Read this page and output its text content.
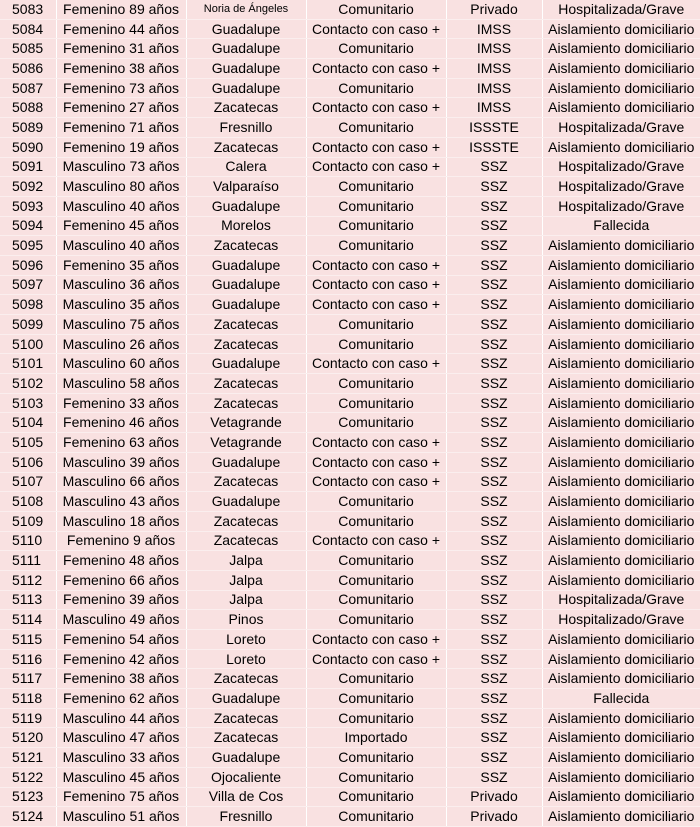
5083	Femenino 89 años	Noria de Ángeles	Comunitario	Privado	Hospitalizada/Grave
5084	Femenino 44 años	Guadalupe	Contacto con caso +	IMSS	Aislamiento domiciliario
5085	Femenino 31 años	Guadalupe	Comunitario	IMSS	Aislamiento domiciliario
5086	Femenino 38 años	Guadalupe	Contacto con caso +	IMSS	Aislamiento domiciliario
5087	Femenino 73 años	Guadalupe	Comunitario	IMSS	Aislamiento domiciliario
5088	Femenino 27 años	Zacatecas	Contacto con caso +	IMSS	Aislamiento domiciliario
5089	Femenino 71 años	Fresnillo	Comunitario	ISSSTE	Hospitalizada/Grave
5090	Femenino 19 años	Zacatecas	Contacto con caso +	ISSSTE	Aislamiento domiciliario
5091	Masculino 73 años	Calera	Contacto con caso +	SSZ	Hospitalizado/Grave
5092	Masculino 80 años	Valparaíso	Comunitario	SSZ	Hospitalizado/Grave
5093	Masculino 40 años	Guadalupe	Comunitario	SSZ	Hospitalizado/Grave
5094	Femenino 45 años	Morelos	Comunitario	SSZ	Fallecida
5095	Masculino 40 años	Zacatecas	Comunitario	SSZ	Aislamiento domiciliario
5096	Femenino 35 años	Guadalupe	Contacto con caso +	SSZ	Aislamiento domiciliario
5097	Masculino 36 años	Guadalupe	Contacto con caso +	SSZ	Aislamiento domiciliario
5098	Masculino 35 años	Guadalupe	Contacto con caso +	SSZ	Aislamiento domiciliario
5099	Masculino 75 años	Zacatecas	Comunitario	SSZ	Aislamiento domiciliario
5100	Masculino 26 años	Zacatecas	Comunitario	SSZ	Aislamiento domiciliario
5101	Masculino 60 años	Guadalupe	Contacto con caso +	SSZ	Aislamiento domiciliario
5102	Masculino 58 años	Zacatecas	Comunitario	SSZ	Aislamiento domiciliario
5103	Femenino 33 años	Zacatecas	Comunitario	SSZ	Aislamiento domiciliario
5104	Femenino 46 años	Vetagrande	Comunitario	SSZ	Aislamiento domiciliario
5105	Femenino 63 años	Vetagrande	Contacto con caso +	SSZ	Aislamiento domiciliario
5106	Masculino 39 años	Guadalupe	Contacto con caso +	SSZ	Aislamiento domiciliario
5107	Masculino 66 años	Zacatecas	Contacto con caso +	SSZ	Aislamiento domiciliario
5108	Masculino 43 años	Guadalupe	Comunitario	SSZ	Aislamiento domiciliario
5109	Masculino 18 años	Zacatecas	Comunitario	SSZ	Aislamiento domiciliario
5110	Femenino 9 años	Zacatecas	Contacto con caso +	SSZ	Aislamiento domiciliario
5111	Femenino 48 años	Jalpa	Comunitario	SSZ	Aislamiento domiciliario
5112	Femenino 66 años	Jalpa	Comunitario	SSZ	Aislamiento domiciliario
5113	Femenino 39 años	Jalpa	Comunitario	SSZ	Hospitalizada/Grave
5114	Masculino 49 años	Pinos	Comunitario	SSZ	Hospitalizado/Grave
5115	Femenino 54 años	Loreto	Contacto con caso +	SSZ	Aislamiento domiciliario
5116	Femenino 42 años	Loreto	Contacto con caso +	SSZ	Aislamiento domiciliario
5117	Femenino 38 años	Zacatecas	Comunitario	SSZ	Aislamiento domiciliario
5118	Femenino 62 años	Guadalupe	Comunitario	SSZ	Fallecida
5119	Masculino 44 años	Zacatecas	Comunitario	SSZ	Aislamiento domiciliario
5120	Masculino 47 años	Zacatecas	Importado	SSZ	Aislamiento domiciliario
5121	Masculino 33 años	Guadalupe	Comunitario	SSZ	Aislamiento domiciliario
5122	Masculino 45 años	Ojocaliente	Comunitario	SSZ	Aislamiento domiciliario
5123	Femenino 75 años	Villa de Cos	Comunitario	Privado	Aislamiento domiciliario
5124	Masculino 51 años	Fresnillo	Comunitario	Privado	Aislamiento domiciliario
